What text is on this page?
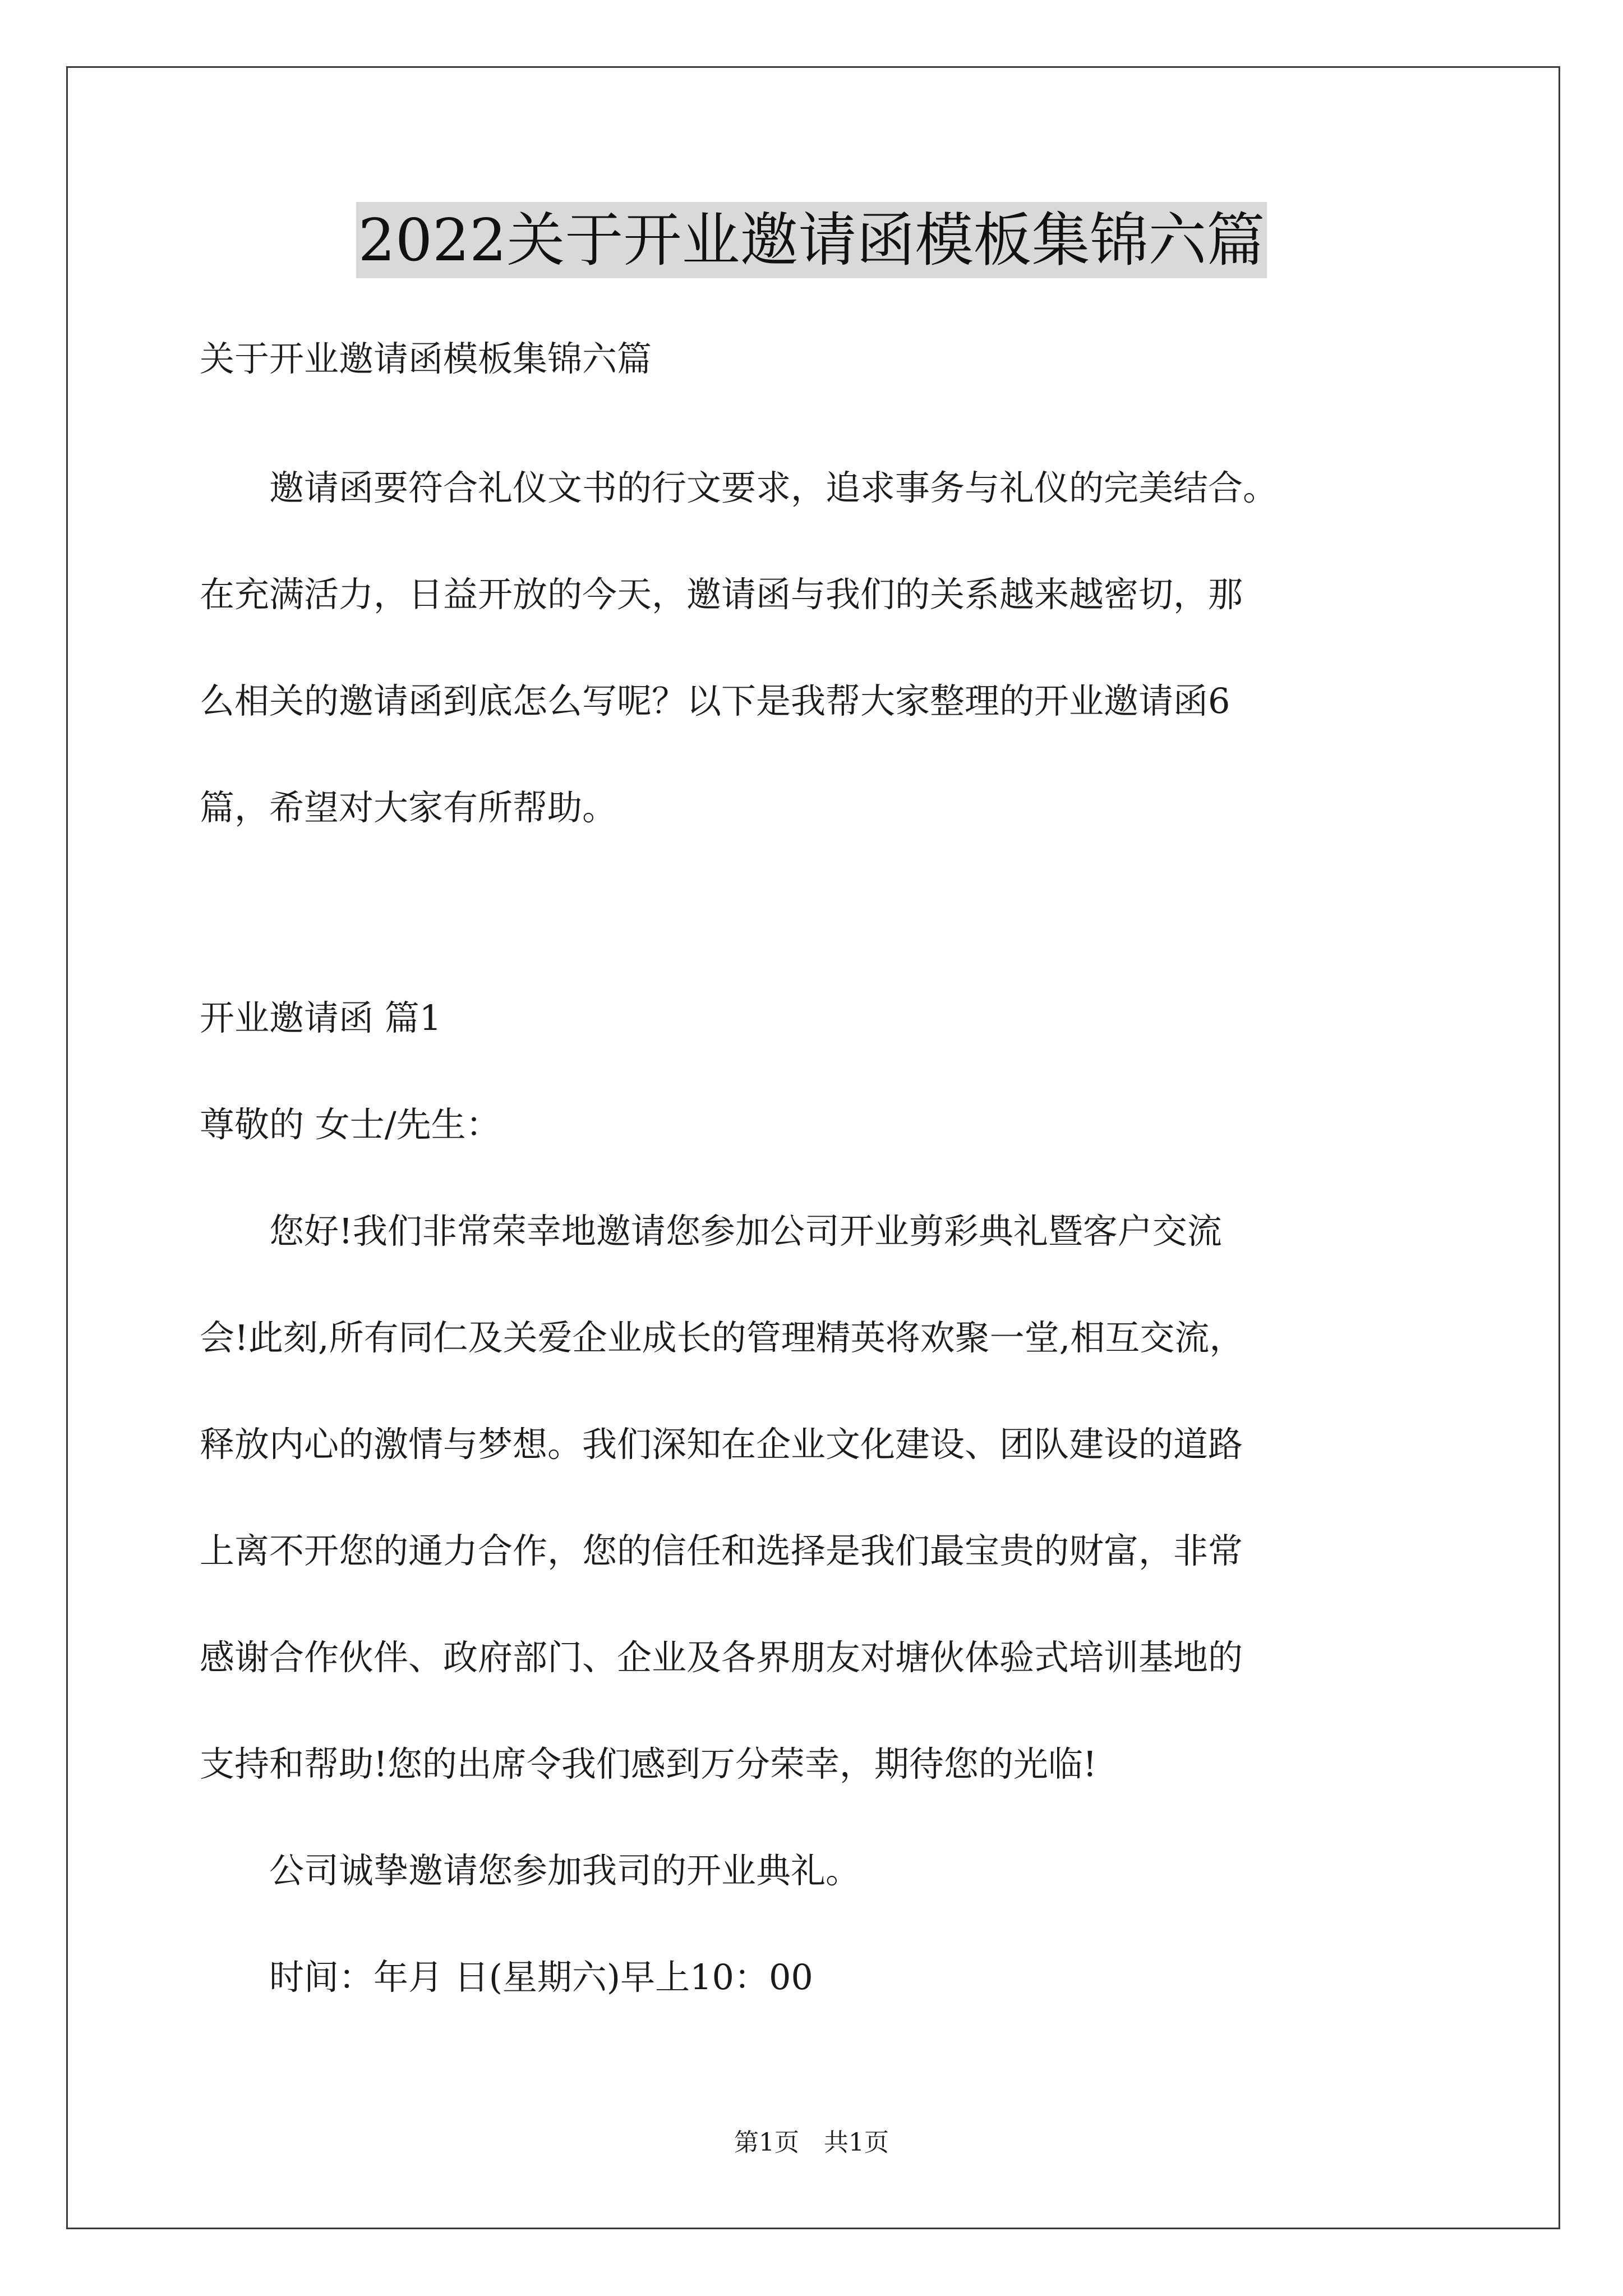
2022关于开业邀请函模板集锦六篇
关于开业邀请函模板集锦六篇
　　邀请函要符合礼仪文书的行文要求，追求事务与礼仪的完美结合。
在充满活力，日益开放的今天，邀请函与我们的关系越来越密切，那
么相关的邀请函到底怎么写呢？以下是我帮大家整理的开业邀请函6
篇，希望对大家有所帮助。
开业邀请函 篇1
尊敬的 女士/先生：
　　您好!我们非常荣幸地邀请您参加公司开业剪彩典礼暨客户交流
会!此刻,所有同仁及关爱企业成长的管理精英将欢聚一堂,相互交流，
释放内心的激情与梦想。我们深知在企业文化建设、团队建设的道路
上离不开您的通力合作，您的信任和选择是我们最宝贵的财富，非常
感谢合作伙伴、政府部门、企业及各界朋友对塘伙体验式培训基地的
支持和帮助!您的出席令我们感到万分荣幸，期待您的光临!
　　公司诚挚邀请您参加我司的开业典礼。
　　时间：年月 日(星期六)早上10：00
第1页　共1页
